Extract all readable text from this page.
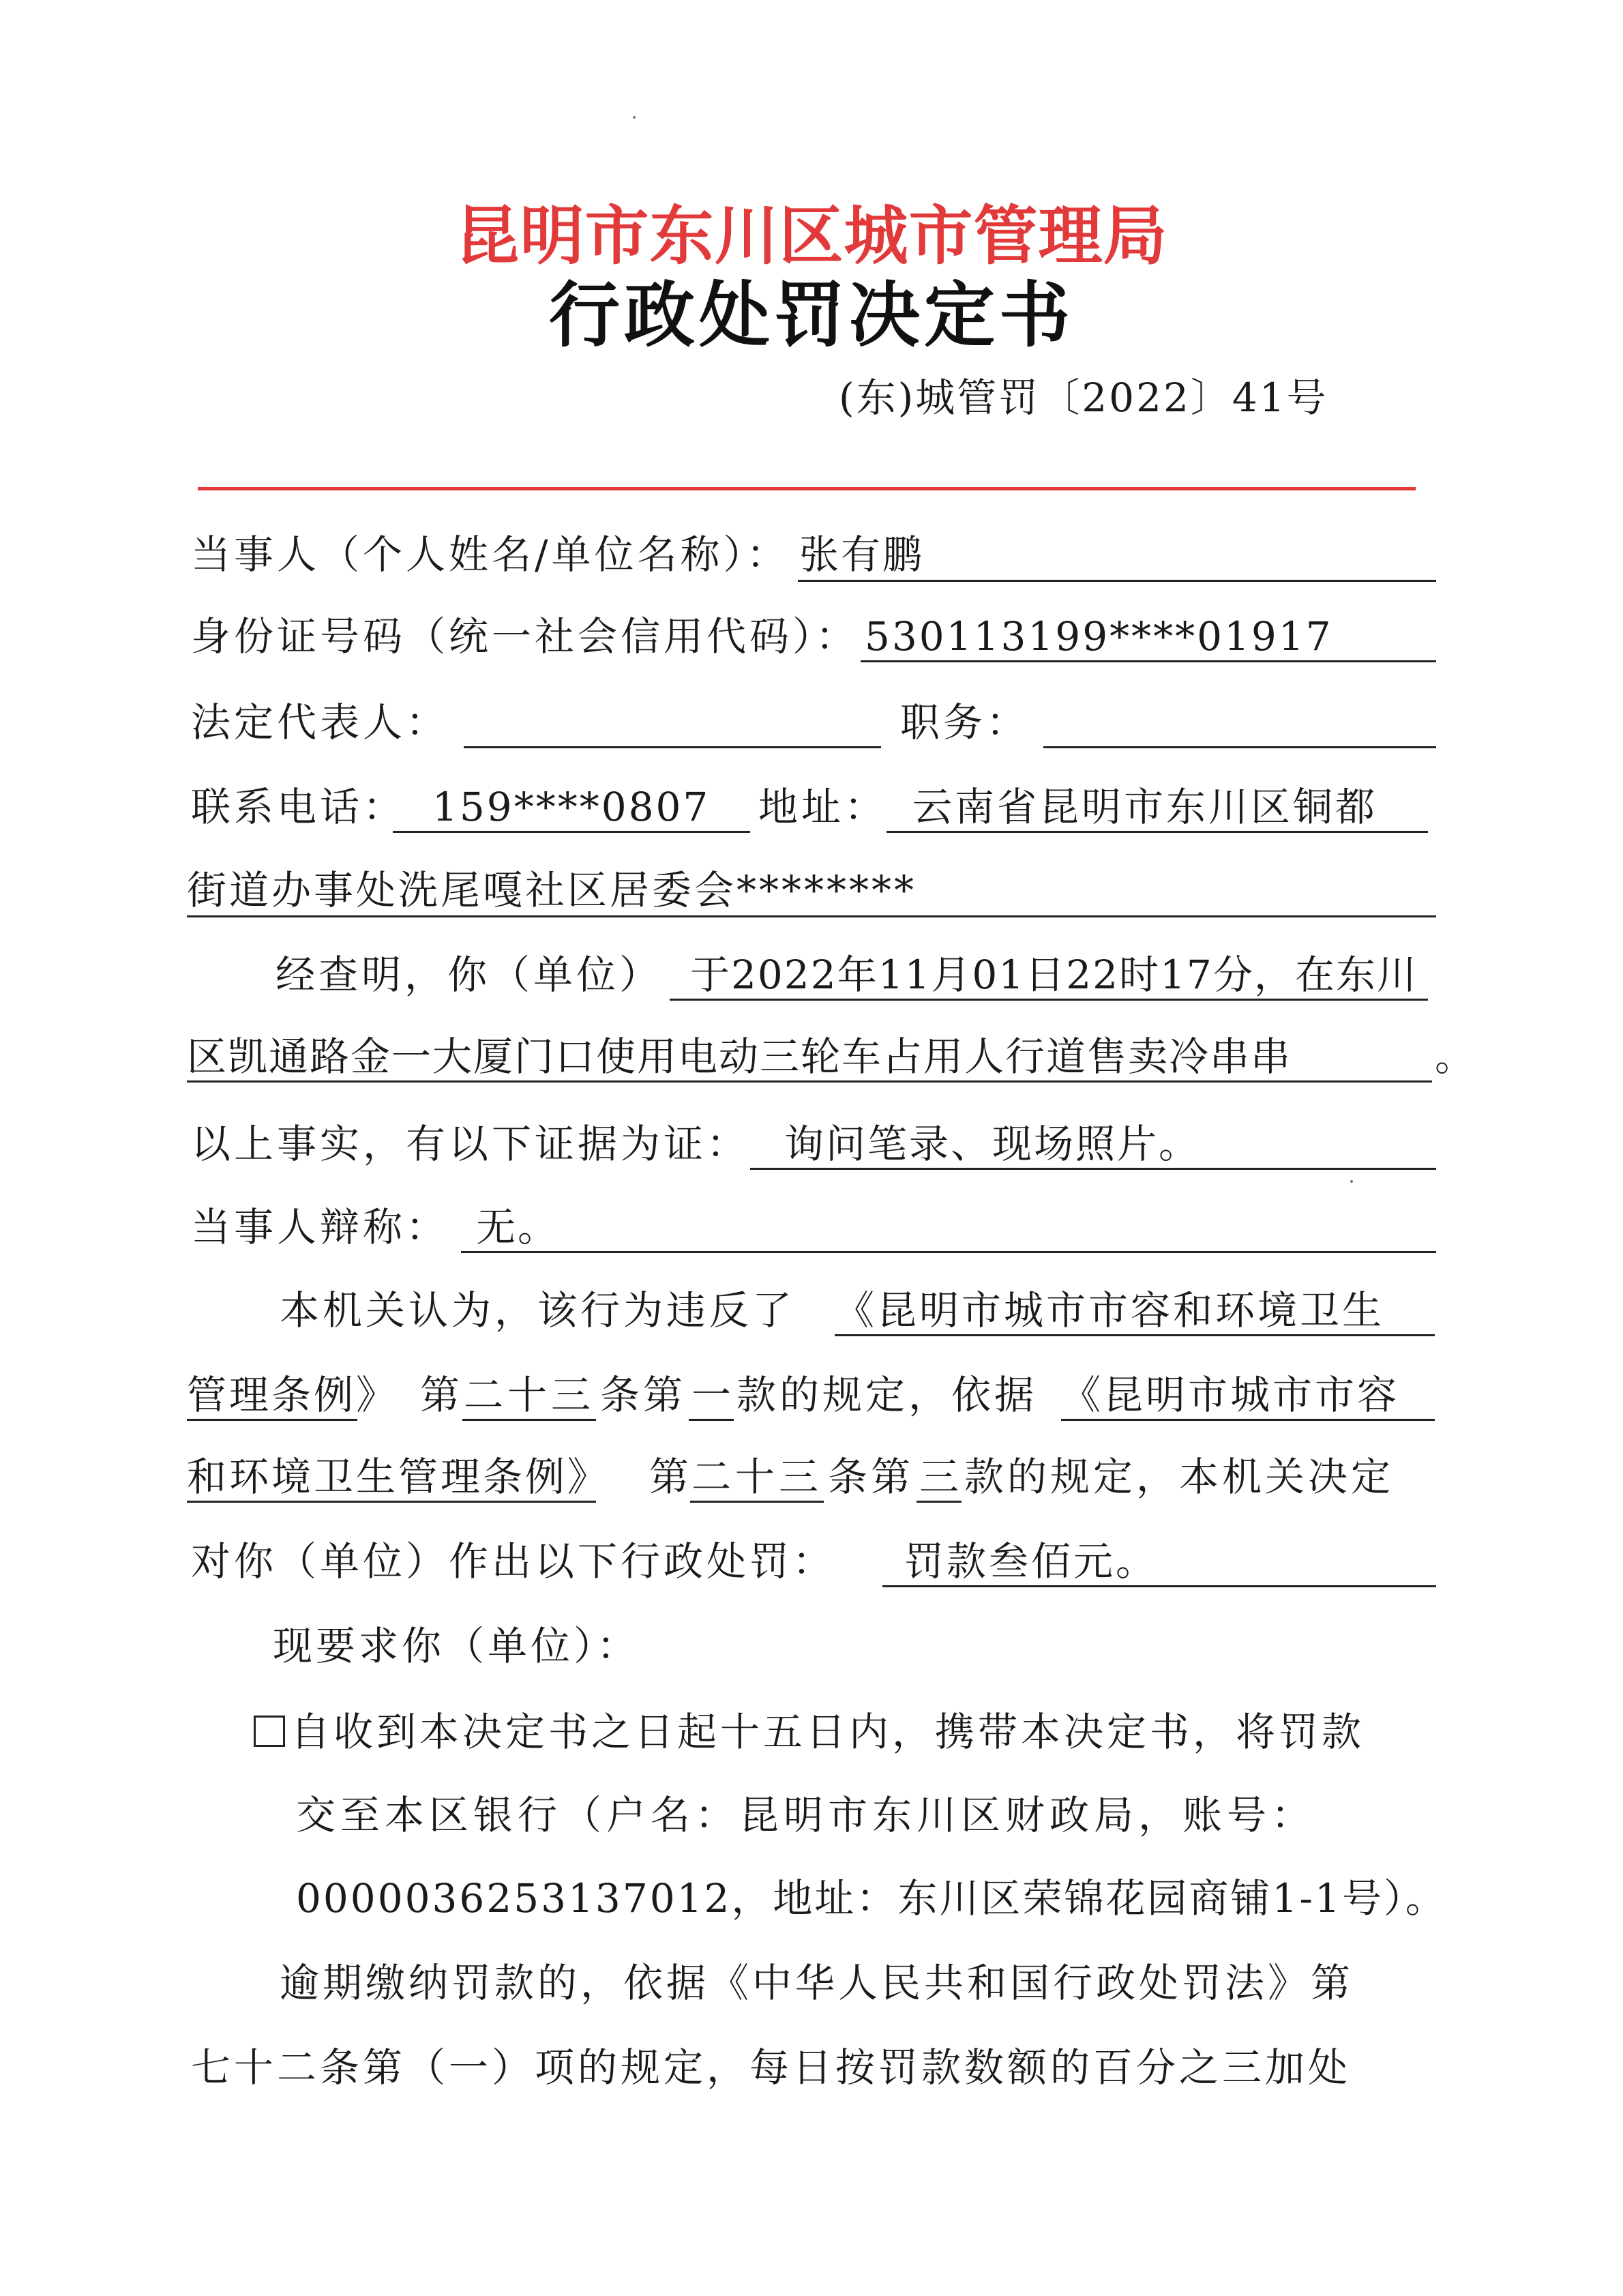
昆明市东川区城市管理局
行政处罚决定书
(东)城管罚〔2022〕41号
当事人（个人姓名/单位名称）： 张有鹏
身份证号码（统一社会信用代码）： 530113199****01917
法定代表人：	职务：
联系电话： 159****0807 地址： 云南省昆明市东川区铜都
街道办事处洗尾嘎社区居委会********
经查明，你（单位） 于2022年11月01日22时17分，在东川
区凯通路金一大厦门口使用电动三轮车占用人行道售卖冷串串	。
以上事实，有以下证据为证： 询问笔录、现场照片。
当事人辩称： 无。
本机关认为，该行为违反了 《昆明市城市市容和环境卫生
管理条例》 第 二十三 条第 一 款的规定，依据 《昆明市城市市容
和环境卫生管理条例》 第
二十三 条第 三 款的规定，本机关决定
对你（单位）作出以下行政处罚： 罚款叁佰元。
现要求你（单位）：
自收到本决定书之日起十五日内，携带本决定书，将罚款
交至本区银行（户名：昆明市东川区财政局，账号：
0000036253137012，地址：东川区荣锦花园商铺1-1号）。
逾期缴纳罚款的，依据《中华人民共和国行政处罚法》第
七十二条第（一）项的规定，每日按罚款数额的百分之三加处
